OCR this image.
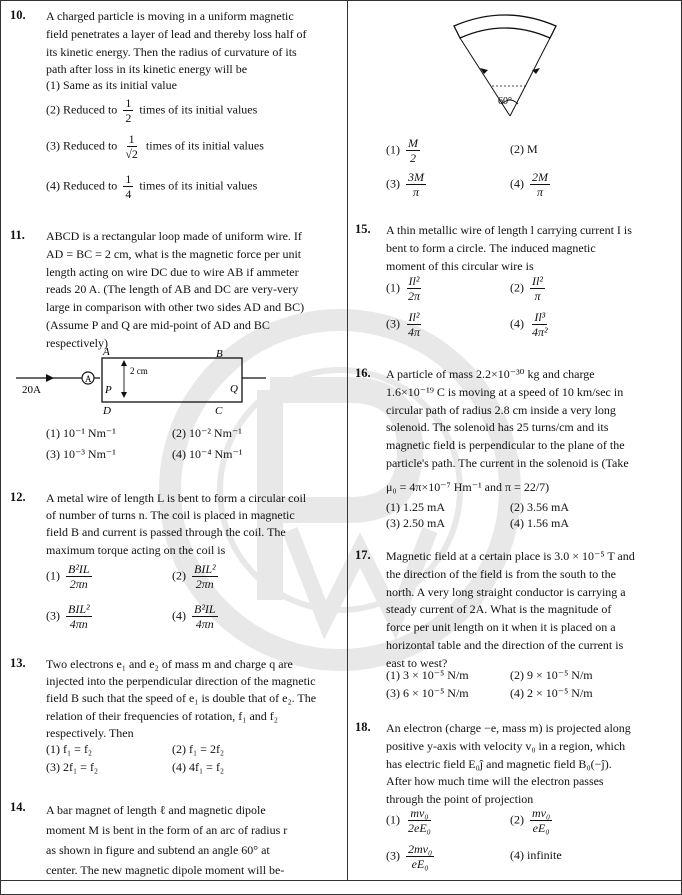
10. A charged particle is moving in a uniform magnetic
field penetrates a layer of lead and thereby loss half of
its kinetic energy. Then the radius of curvature of its
path after loss in its kinetic energy will be
(1) Same as its initial value
(2) Reduced to $\frac{1}{2}$ times of its initial values
(3) Reduced to $\frac{1}{√2}$ times of its initial values
(4) Reduced to $\frac{1}{4}$ times of its initial values
11. ABCD is a rectangular loop made of uniform wire. If
AD = BC = 2 cm, what is the magnetic force per unit
length acting on wire DC due to wire AB if ammeter
reads 20 A. (The length of AB and DC are very-very
large in comparison with other two sides AD and BC)
(Assume P and Q are mid-point of AD and BC
respectively)
A
20A
A	B
C
D
P	Q
2 cm
(1) 10⁻¹ Nm⁻¹	(2) 10⁻² Nm⁻¹
(3) 10⁻³ Nm⁻¹	(4) 10⁻⁴ Nm⁻¹
12. A metal wire of length L is bent to form a circular coil
of number of turns n. The coil is placed in magnetic
field B and current is passed through the coil. The
maximum torque acting on the coil is
$(1) \frac{\text{B²IL}}{2\pi n}$	$(2) \frac{\text{BIL²}}{2\pi n}$
$(3) \frac{\text{BIL²}}{4\pi n}$	$(4) \frac{\text{B²IL}}{4\pi n}$
13. Two electrons e₁ and e₂ of mass m and charge q are
injected into the perpendicular direction of the magnetic
field B such that the speed of e₁ is double that of e₂. The
relation of their frequencies of rotation, f₁ and f₂
respectively. Then
(1) f₁ = f₂	(2) f₁ = 2f₂
(3) 2f₁ = f₂	(4) 4f₁ = f₂
14. A bar magnet of length ℓ and magnetic dipole
moment M is bent in the form of an arc of radius r
as shown in figure and subtend an angle 60° at
center. The new magnetic dipole moment will be-
60°
$(1) \frac{M}{2}$	(2) M
$(3) \frac{3M}{\pi}$	$(4) \frac{2M}{\pi}$
15. A thin metallic wire of length l carrying current I is
bent to form a circle. The induced magnetic
moment of this circular wire is
$(1) \frac{\text{Il²}}{2\pi}$	$(2) \frac{\text{Il²}}{\pi}$
$(3) \frac{\text{Il²}}{4\pi}$	$(4) \frac{\text{Il³}}{\text{4π²}}$
16. A particle of mass 2.2×10⁻³⁰ kg and charge
1.6×10⁻¹⁹ C is moving at a speed of 10 km/sec in
circular path of radius 2.8 cm inside a very long
solenoid. The solenoid has 25 turns/cm and its
magnetic field is perpendicular to the plane of the
particle's path. The current in the solenoid is (Take
μ₀ = 4π×10⁻⁷ Hm⁻¹ and π = 22/7)
(1) 1.25 mA	(2) 3.56 mA
(3) 2.50 mA	(4) 1.56 mA
17. Magnetic field at a certain place is 3.0 × 10⁻⁵ T and
the direction of the field is from the south to the
north. A very long straight conductor is carrying a
steady current of 2A. What is the magnitude of
force per unit length on it when it is placed on a
horizontal table and the direction of the current is
east to west?
(1) 3 × 10⁻⁵ N/m	(2) 9 × 10⁻⁵ N/m
(3) 6 × 10⁻⁵ N/m	(4) 2 × 10⁻⁵ N/m
18. An electron (charge −e, mass m) is projected along
positive y-axis with velocity v₀ in a region, which
has electric field E₀ĵ and magnetic field B₀(−ĵ).
After how much time will the electron passes
through the point of projection
$(1) \frac{\text{mv₀}}{\text{2eE₀}}$	$(2) \frac{\text{mv₀}}{\text{eE₀}}$
$(3) \frac{\text{2mv₀}}{\text{eE₀}}$	(4) infinite
